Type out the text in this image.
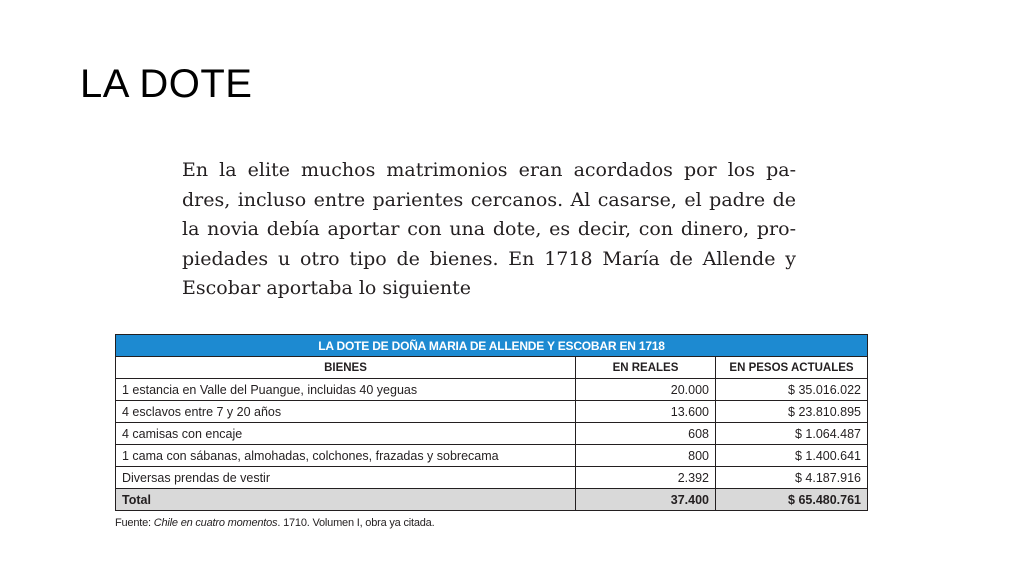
LA DOTE
En la elite muchos matrimonios eran acordados por los pa-
dres, incluso entre parientes cercanos. Al casarse, el padre de
la novia debía aportar con una dote, es decir, con dinero, pro-
piedades u otro tipo de bienes. En 1718 María de Allende y
Escobar aportaba lo siguiente
LA DOTE DE DOÑA MARIA DE ALLENDE Y ESCOBAR EN 1718		
BIENES	EN REALES	EN PESOS ACTUALES
1 estancia en Valle del Puangue, incluidas 40 yeguas	20.000	$ 35.016.022
4 esclavos entre 7 y 20 años	13.600	$ 23.810.895
4 camisas con encaje	608	$ 1.064.487
1 cama con sábanas, almohadas, colchones, frazadas y sobrecama	800	$ 1.400.641
Diversas prendas de vestir	2.392	$ 4.187.916
Total	37.400	$ 65.480.761
Fuente: Chile en cuatro momentos. 1710. Volumen I, obra ya citada.
